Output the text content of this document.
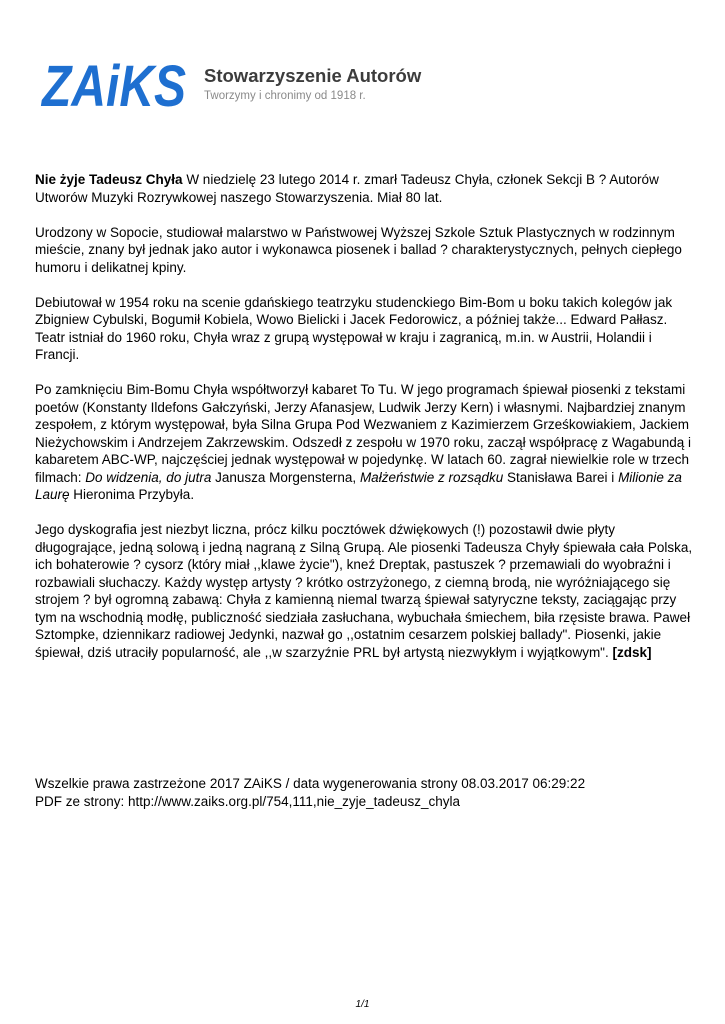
ZAiKS Stowarzyszenie Autorów
Tworzymy i chronimy od 1918 r.

Nie żyje Tadeusz Chyła W niedzielę 23 lutego 2014 r. zmarł Tadeusz Chyła, członek Sekcji B ? Autorów Utworów Muzyki Rozrywkowej naszego Stowarzyszenia. Miał 80 lat.

Urodzony w Sopocie, studiował malarstwo w Państwowej Wyższej Szkole Sztuk Plastycznych w rodzinnym mieście, znany był jednak jako autor i wykonawca piosenek i ballad ? charakterystycznych, pełnych ciepłego humoru i delikatnej kpiny.

Debiutował w 1954 roku na scenie gdańskiego teatrzyku studenckiego Bim-Bom u boku takich kolegów jak Zbigniew Cybulski, Bogumił Kobiela, Wowo Bielicki i Jacek Fedorowicz, a później także... Edward Pałłasz. Teatr istniał do 1960 roku, Chyła wraz z grupą występował w kraju i zagranicą, m.in. w Austrii, Holandii i Francji.

Po zamknięciu Bim-Bomu Chyła współtworzył kabaret To Tu. W jego programach śpiewał piosenki z tekstami poetów (Konstanty Ildefons Gałczyński, Jerzy Afanasjew, Ludwik Jerzy Kern) i własnymi. Najbardziej znanym zespołem, z którym występował, była Silna Grupa Pod Wezwaniem z Kazimierzem Grześkowiakiem, Jackiem Nieżychowskim i Andrzejem Zakrzewskim. Odszedł z zespołu w 1970 roku, zaczął współpracę z Wagabundą i kabaretem ABC-WP, najczęściej jednak występował w pojedynkę. W latach 60. zagrał niewielkie role w trzech filmach: Do widzenia, do jutra Janusza Morgensterna, Małżeństwie z rozsądku Stanisława Barei i Milionie za Laurę Hieronima Przybyła.

Jego dyskografia jest niezbyt liczna, prócz kilku pocztówek dźwiękowych (!) pozostawił dwie płyty długogrające, jedną solową i jedną nagraną z Silną Grupą. Ale piosenki Tadeusza Chyły śpiewała cała Polska, ich bohaterowie ? cysorz (który miał ,,klawe życie"), kneź Dreptak, pastuszek ? przemawiali do wyobraźni i rozbawiali słuchaczy. Każdy występ artysty ? krótko ostrzyżonego, z ciemną brodą, nie wyróżniającego się strojem ? był ogromną zabawą: Chyła z kamienną niemal twarzą śpiewał satyryczne teksty, zaciągając przy tym na wschodnią modłę, publiczność siedziała zasłuchana, wybuchała śmiechem, biła rzęsiste brawa. Paweł Sztompke, dziennikarz radiowej Jedynki, nazwał go ,,ostatnim cesarzem polskiej ballady". Piosenki, jakie śpiewał, dziś utraciły popularność, ale ,,w szarzyźnie PRL był artystą niezwykłym i wyjątkowym". [zdsk]

Wszelkie prawa zastrzeżone 2017 ZAiKS / data wygenerowania strony 08.03.2017 06:29:22
PDF ze strony: http://www.zaiks.org.pl/754,111,nie_zyje_tadeusz_chyla
1/1
